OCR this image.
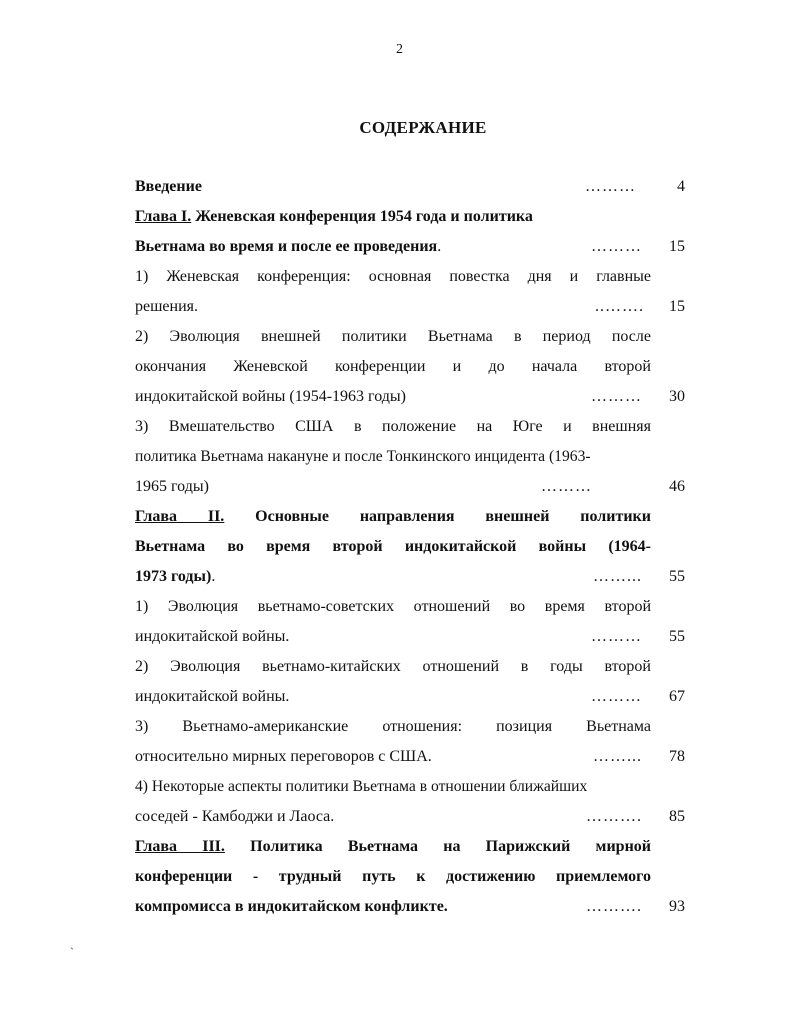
2
СОДЕРЖАНИЕ
Введение	………	4
Глава I. Женевская конференция 1954 года и политика
Вьетнама во время и после ее проведения.	………	15
1) Женевская конференция: основная повестка дня и главные
решения.	..…….	15
2) Эволюция внешней политики Вьетнама в период после
окончания Женевской конференции и до начала второй
индокитайской войны (1954-1963 годы)	………	30
3) Вмешательство США в положение на Юге и внешняя
политика Вьетнама накануне и после Тонкинского инцидента (1963-
1965 годы)	………	46
Глава II. Основные направления внешней политики
Вьетнама во время второй индокитайской войны (1964-
1973 годы).	……...	55
1) Эволюция вьетнамо-советских отношений во время второй
индокитайской войны.	………	55
2) Эволюция вьетнамо-китайских отношений в годы второй
индокитайской войны.	………	67
3) Вьетнамо-американские отношения: позиция Вьетнама
относительно мирных переговоров с США.	……...	78
4) Некоторые аспекты политики Вьетнама в отношении ближайших
соседей - Камбоджи и Лаоса.	……….	85
Глава III. Политика Вьетнама на Парижский мирной
конференции - трудный путь к достижению приемлемого
компромисса в индокитайском конфликте.	……….	93
`
